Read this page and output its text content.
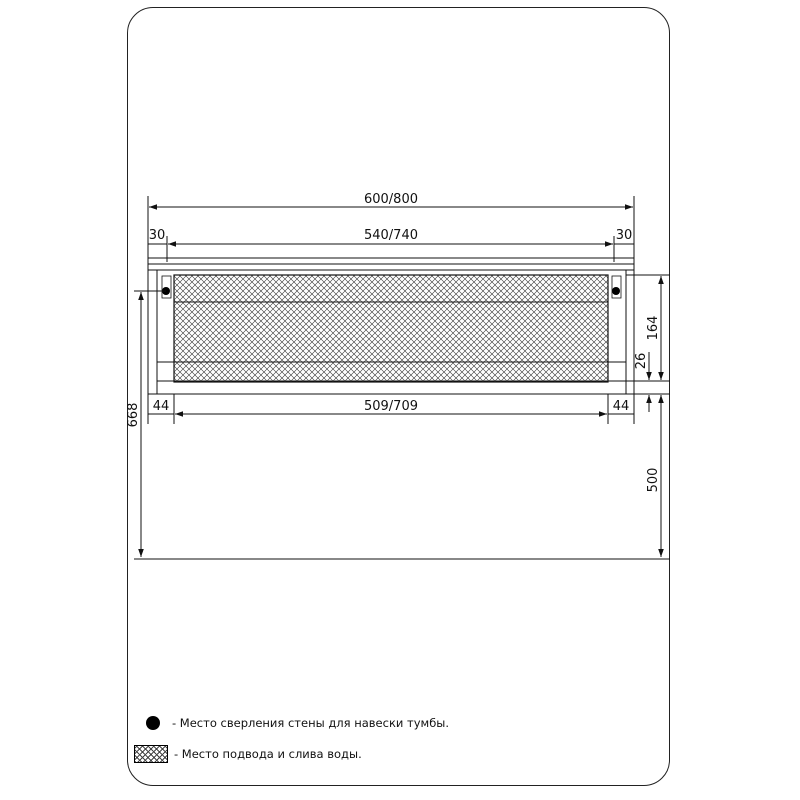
600/800
540/740
30	30
509/709
44	44
668
164
26
500
- Место сверления стены для навески тумбы.
- Место подвода и слива воды.
